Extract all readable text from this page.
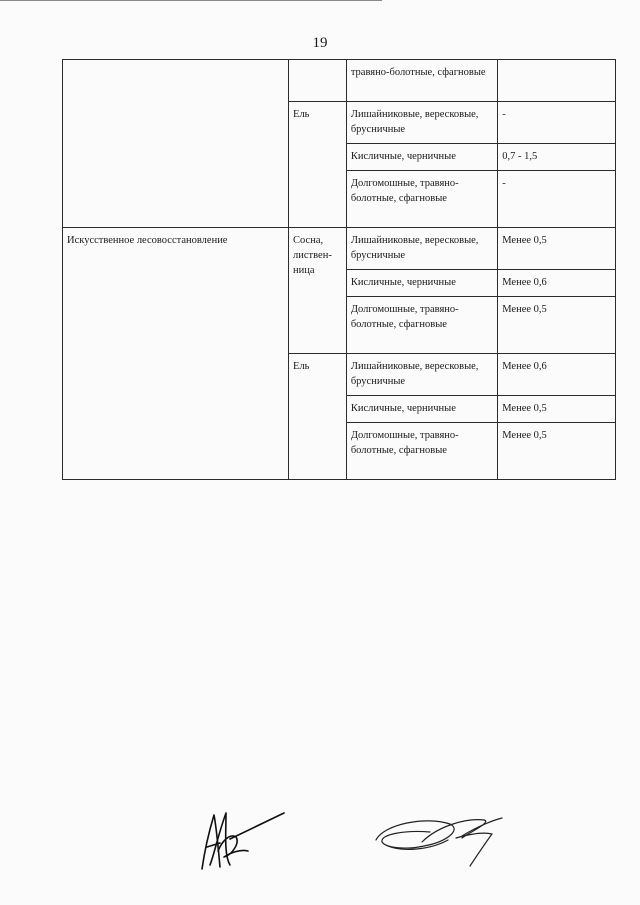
19
		травяно-болотные, сфагновые	
	Ель	Лишайниковые, вересковые, брусничные	-
		Кисличные, черничные	0,7 - 1,5
		Долгомошные, травяно-болотные, сфагновые	-
Искусственное лесовосстановление	Сосна, листвен-ница	Лишайниковые, вересковые, брусничные	Менее 0,5
		Кисличные, черничные	Менее 0,6
		Долгомошные, травяно-болотные, сфагновые	Менее 0,5
	Ель	Лишайниковые, вересковые, брусничные	Менее 0,6
		Кисличные, черничные	Менее 0,5
		Долгомошные, травяно-болотные, сфагновые	Менее 0,5
